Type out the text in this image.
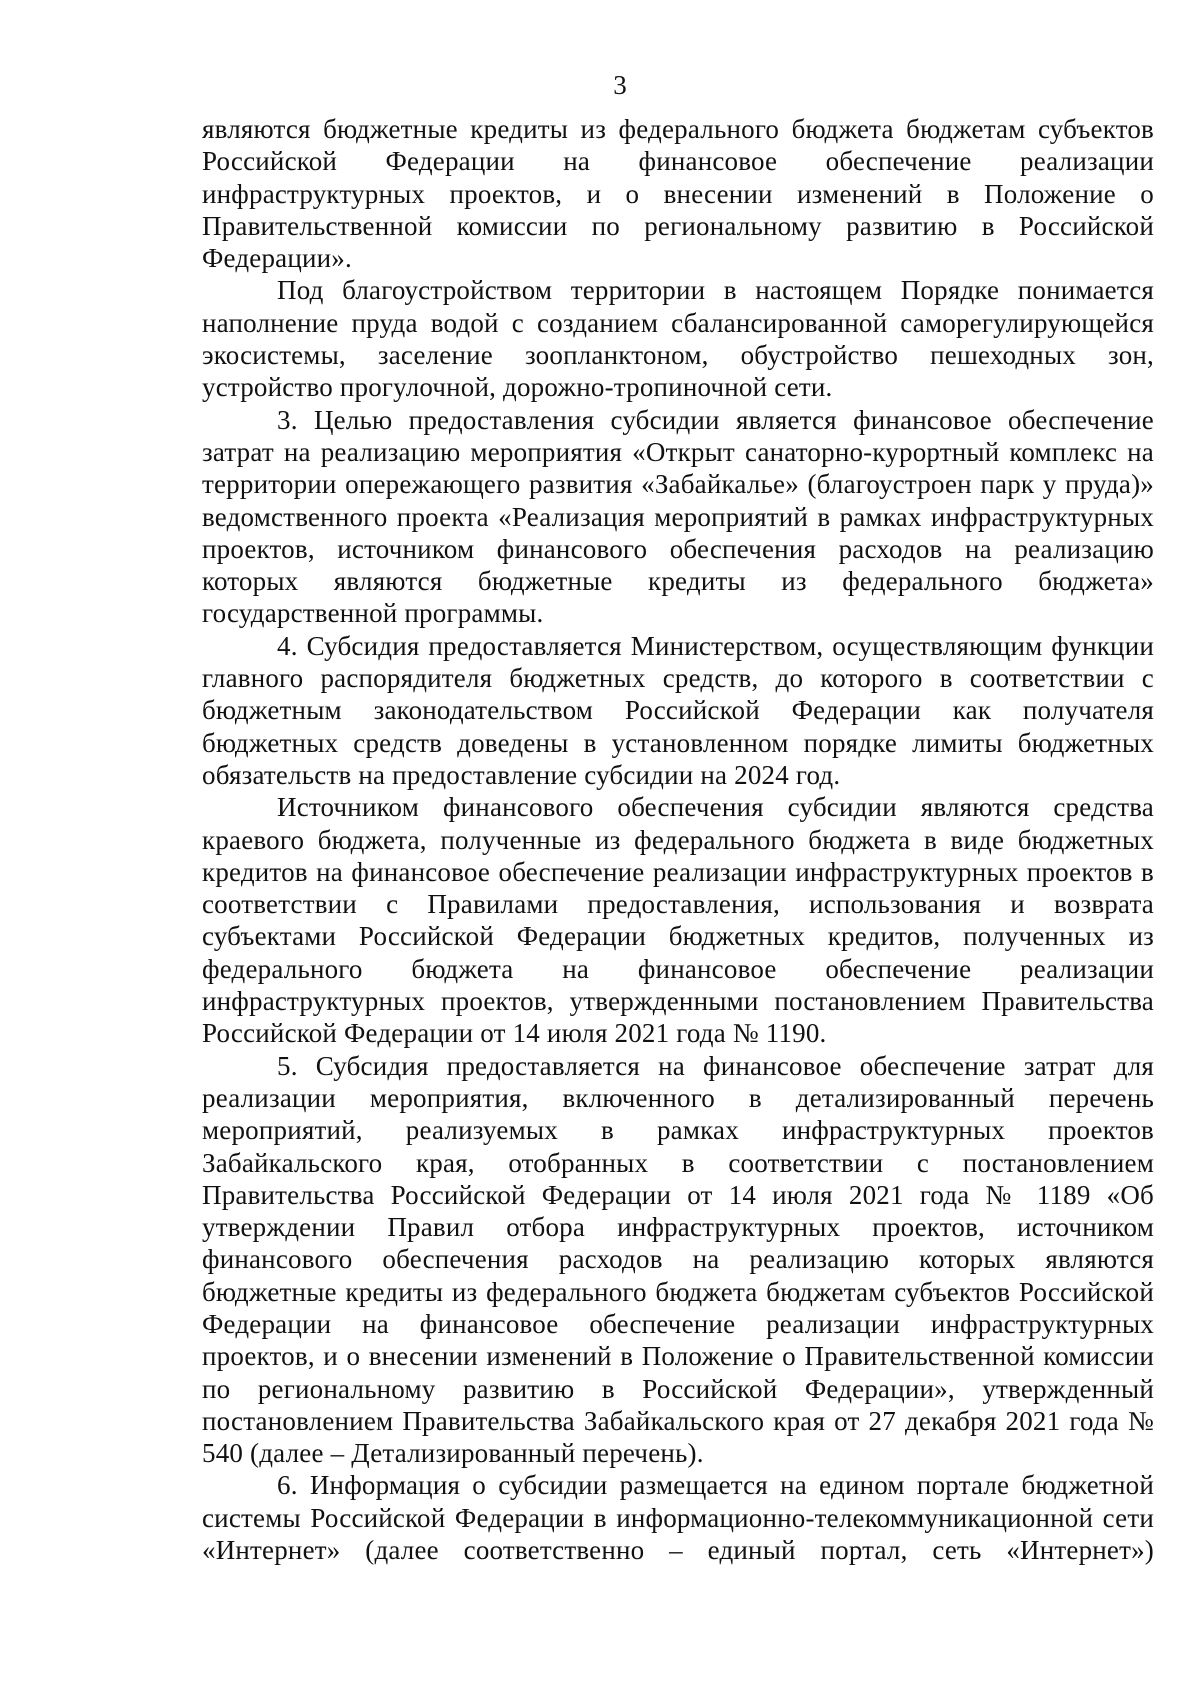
3

являются бюджетные кредиты из федерального бюджета бюджетам субъектов Российской Федерации на финансовое обеспечение реализации инфраструктурных проектов, и о внесении изменений в Положение о Правительственной комиссии по региональному развитию в Российской Федерации».

Под благоустройством территории в настоящем Порядке понимается наполнение пруда водой с созданием сбалансированной саморегулирующейся экосистемы, заселение зоопланктоном, обустройство пешеходных зон, устройство прогулочной, дорожно-тропиночной сети.

3. Целью предоставления субсидии является финансовое обеспечение затрат на реализацию мероприятия «Открыт санаторно-курортный комплекс на территории опережающего развития «Забайкалье» (благоустроен парк у пруда)» ведомственного проекта «Реализация мероприятий в рамках инфраструктурных проектов, источником финансового обеспечения расходов на реализацию которых являются бюджетные кредиты из федерального бюджета» государственной программы.

4. Субсидия предоставляется Министерством, осуществляющим функции главного распорядителя бюджетных средств, до которого в соответствии с бюджетным законодательством Российской Федерации как получателя бюджетных средств доведены в установленном порядке лимиты бюджетных обязательств на предоставление субсидии на 2024 год.

Источником финансового обеспечения субсидии являются средства краевого бюджета, полученные из федерального бюджета в виде бюджетных кредитов на финансовое обеспечение реализации инфраструктурных проектов в соответствии с Правилами предоставления, использования и возврата субъектами Российской Федерации бюджетных кредитов, полученных из федерального бюджета на финансовое обеспечение реализации инфраструктурных проектов, утвержденными постановлением Правительства Российской Федерации от 14 июля 2021 года № 1190.

5. Субсидия предоставляется на финансовое обеспечение затрат для реализации мероприятия, включенного в детализированный перечень мероприятий, реализуемых в рамках инфраструктурных проектов Забайкальского края, отобранных в соответствии с постановлением Правительства Российской Федерации от 14 июля 2021 года № 1189 «Об утверждении Правил отбора инфраструктурных проектов, источником финансового обеспечения расходов на реализацию которых являются бюджетные кредиты из федерального бюджета бюджетам субъектов Российской Федерации на финансовое обеспечение реализации инфраструктурных проектов, и о внесении изменений в Положение о Правительственной комиссии по региональному развитию в Российской Федерации», утвержденный постановлением Правительства Забайкальского края от 27 декабря 2021 года № 540 (далее – Детализированный перечень).

6. Информация о субсидии размещается на едином портале бюджетной системы Российской Федерации в информационно-телекоммуникационной сети «Интернет» (далее соответственно – единый портал, сеть «Интернет»)
